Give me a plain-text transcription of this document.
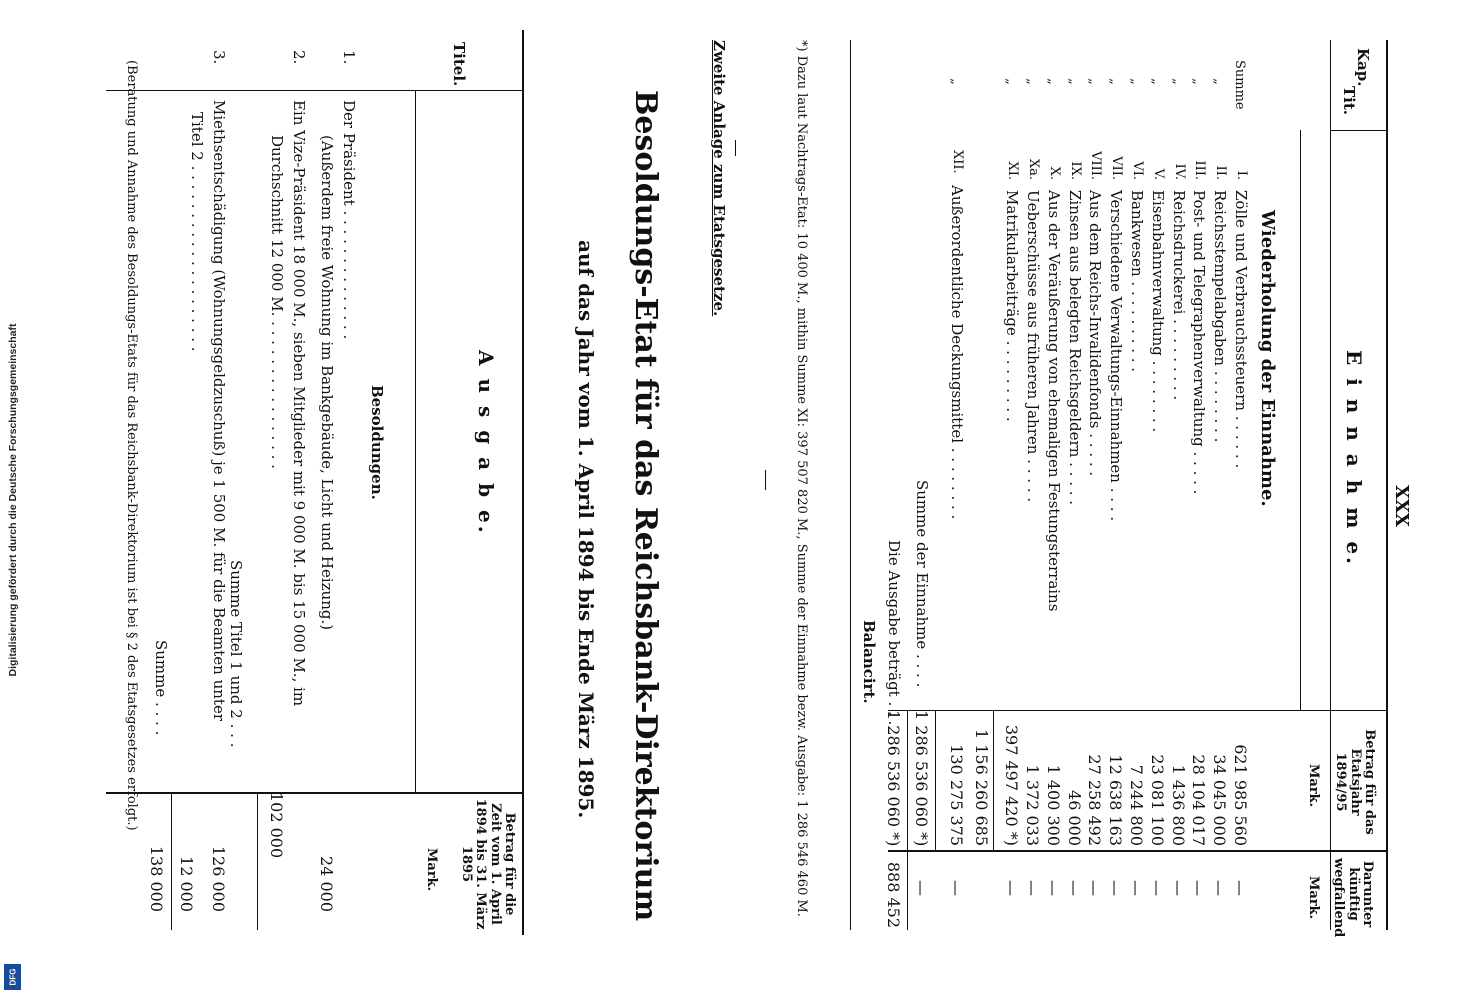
XXX
Kap.
Tit.
E i n n a h m e.
Betrag für das Etatsjahr 1894/95
Mark.
Darunter künftig wegfallend
Mark.
Wiederholung der Einnahme.
Summe
I.
Zölle und Verbrauchssteuern . . . . . .
621 985 560
—
„
II.
Reichsstempelabgaben . . . . . . . .
34 045 000
—
„
III.
Post- und Telegraphenverwaltung . . . . .
28 104 017
—
„
IV.
Reichsdruckerei . . . . . . . . .
1 436 800
—
„
V.
Eisenbahnverwaltung . . . . . . . .
23 081 100
—
„
VI.
Bankwesen . . . . . . . . . .
7 244 800
—
„
VII.
Verschiedene Verwaltungs-Einnahmen . . . .
12 638 163
—
„
VIII.
Aus dem Reichs-Invalidenfonds . . . . .
27 258 492
—
„
IX.
Zinsen aus belegten Reichsgeldern . . . . .
46 000
—
„
X.
Aus der Veräußerung von ehemaligen Festungsterrains
1 400 300
—
„
Xa.
Ueberschüsse aus früheren Jahren . . . . .
1 372 033
—
„
XI.
Matrikularbeiträge . . . . . . . . .
397 497 420 *)
—
1 156 260 685
„
XII.
Außerordentliche Deckungsmittel . . . . . . . .
130 275 375
—
Summe der Einnahme . . . .
1 286 536 060 *)
Die Ausgabe beträgt . . .
1 286 536 060 *)
888 452 —
Balancirt.
*) Dazu laut Nachtrags-Etat: 10 400 M., mithin Summe XI: 397 507 820 M., Summe der Einnahme bezw. Ausgabe: 1 286 546 460 M.
Zweite Anlage zum Etatsgesetze.
Besoldungs-Etat für das Reichsbank-Direktorium
auf das Jahr vom 1. April 1894 bis Ende März 1895.
Titel.
A u s g a b e.
Betrag für die Zeit vom 1. April 1894 bis 31. März 1895
Mark.
Besoldungen.
1.
Der Präsident . . . . . . . . . . . . . .
(Außerdem freie Wohnung im Bankgebäude, Licht und Heizung.)
24 000
2.
Ein Vize-Präsident 18 000 M., sieben Mitglieder mit 9 000 M. bis 15 000 M., im
Durchschnitt 12 000 M. . . . . . . . . . . . . . . . .
102 000
Summe Titel 1 und 2 . . .
126 000
3.
Miethsentschädigung (Wohnungsgeldzuschuß) je 1 500 M. für die Beamten unter
Titel 2 . . . . . . . . . . . . . . . . . . . .
12 000
Summe . . . .
138 000
(Beratung und Annahme des Besoldungs-Etats für das Reichsbank-Direktorium ist bei § 2 des Etatsgesetzes erfolgt.)
Digitalisierung gefördert durch die Deutsche Forschungsgemeinschaft
DFG
